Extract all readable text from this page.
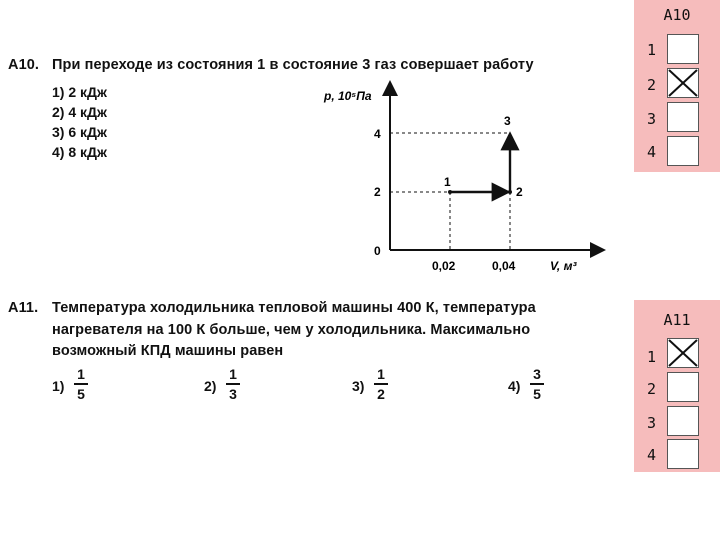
А10. При переходе из состояния 1 в состояние 3 газ совершает работу
1) 2 кДж
2) 4 кДж
3) 6 кДж
4) 8 кДж
p, 10⁵Па
V, м³
4
2
0
0,02	0,04
1
2
3
А11. Температура холодильника тепловой машины 400 К, температура
нагревателя на 100 К больше, чем у холодильника. Максимально
возможный КПД машины равен
1)
1
5	2)
1
3	3)
1
2	4)
3
5
А10
1
2
3
4
А11
1
2
3
4
